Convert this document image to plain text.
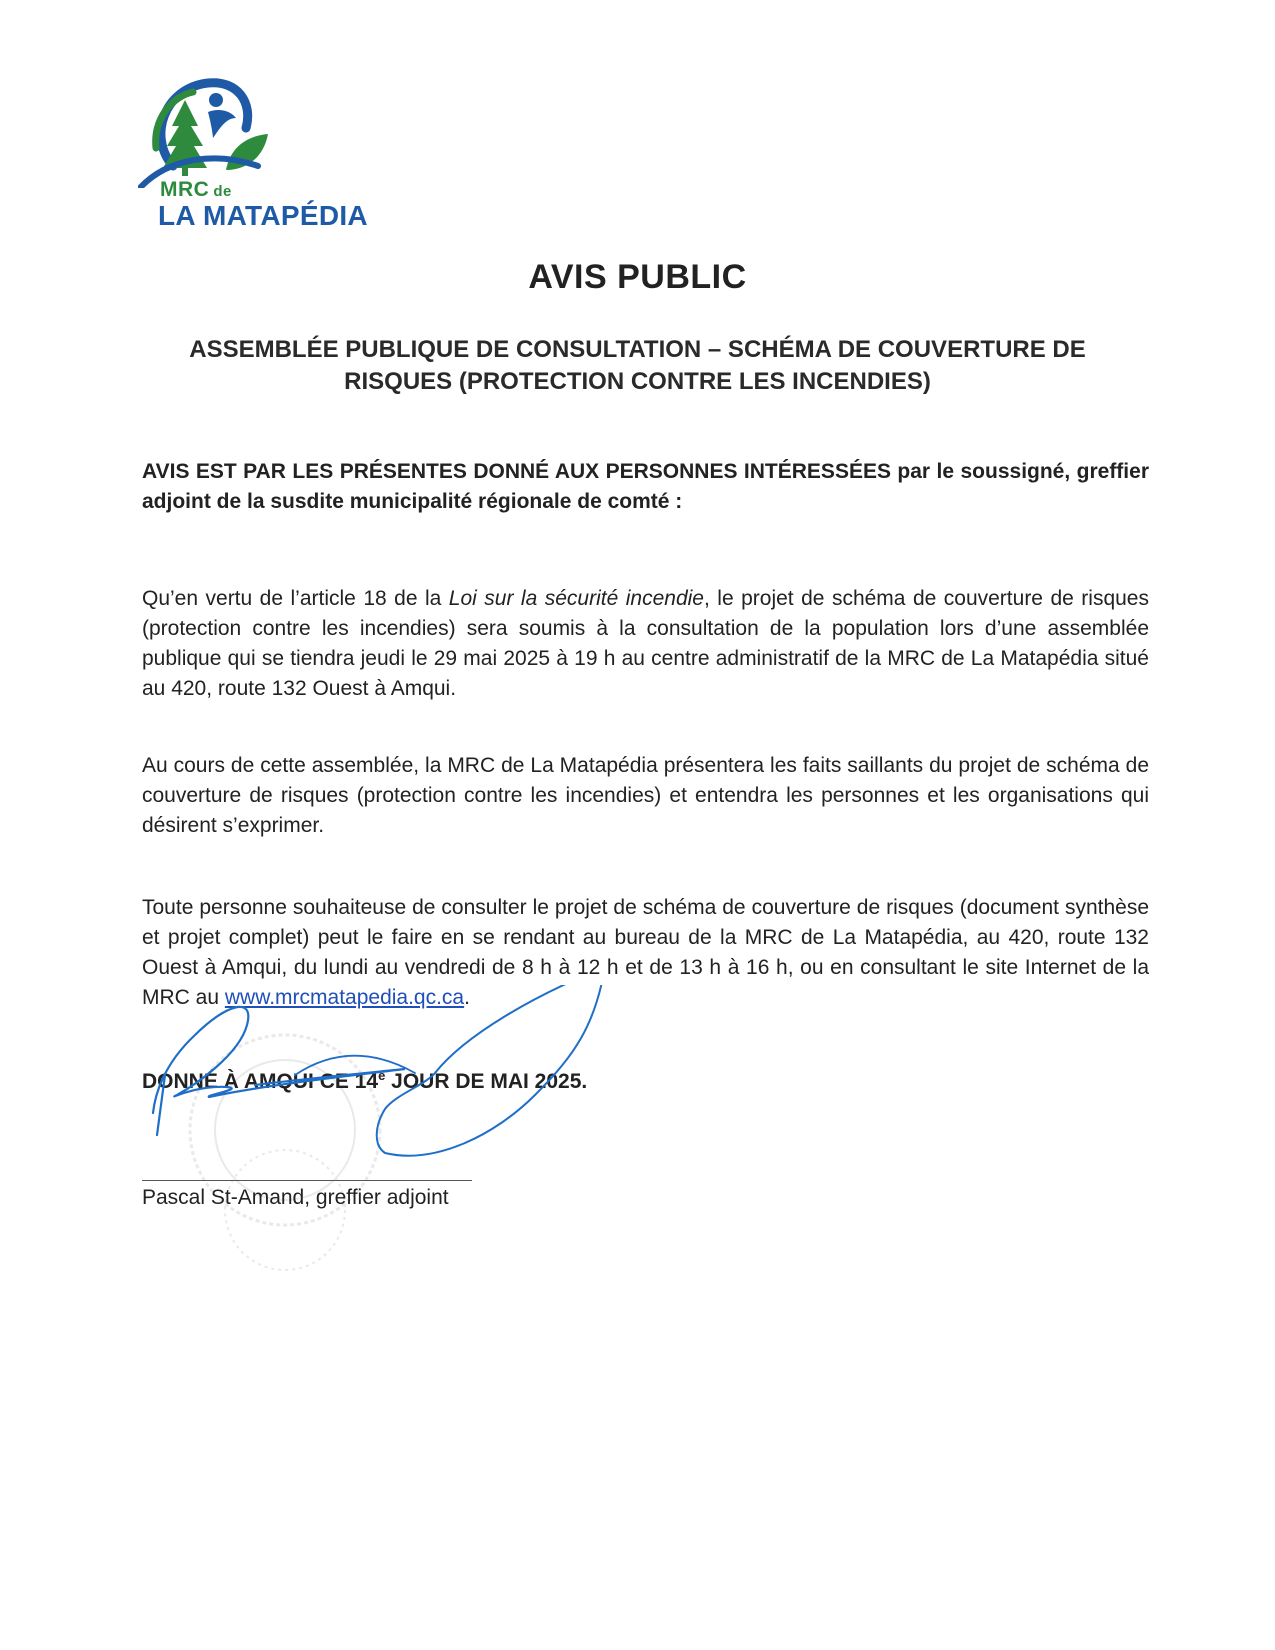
MRC de
LA MATAPÉDIA
AVIS PUBLIC
ASSEMBLÉE PUBLIQUE DE CONSULTATION – SCHÉMA DE COUVERTURE DE RISQUES (PROTECTION CONTRE LES INCENDIES)
AVIS EST PAR LES PRÉSENTES DONNÉ AUX PERSONNES INTÉRESSÉES par le soussigné, greffier adjoint de la susdite municipalité régionale de comté :
Qu’en vertu de l’article 18 de la Loi sur la sécurité incendie, le projet de schéma de couverture de risques (protection contre les incendies) sera soumis à la consultation de la population lors d’une assemblée publique qui se tiendra jeudi le 29 mai 2025 à 19 h au centre administratif de la MRC de La Matapédia situé au 420, route 132 Ouest à Amqui.
Au cours de cette assemblée, la MRC de La Matapédia présentera les faits saillants du projet de schéma de couverture de risques (protection contre les incendies) et entendra les personnes et les organisations qui désirent s’exprimer.
Toute personne souhaiteuse de consulter le projet de schéma de couverture de risques (document synthèse et projet complet) peut le faire en se rendant au bureau de la MRC de La Matapédia, au 420, route 132 Ouest à Amqui, du lundi au vendredi de 8 h à 12 h et de 13 h à 16 h, ou en consultant le site Internet de la MRC au www.mrcmatapedia.qc.ca.
DONNÉ À AMQUI CE 14e JOUR DE MAI 2025.
Pascal St-Amand, greffier adjoint
